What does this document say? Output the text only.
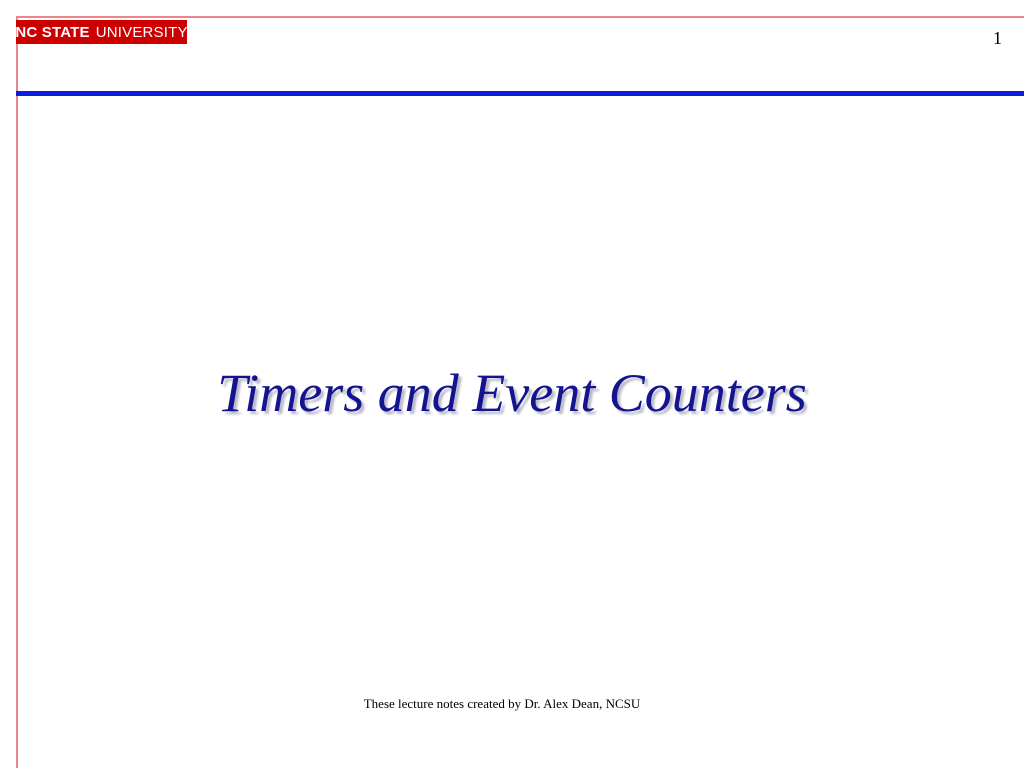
NC STATE UNIVERSITY	1
Timers and Event Counters
These lecture notes created by Dr. Alex Dean, NCSU
